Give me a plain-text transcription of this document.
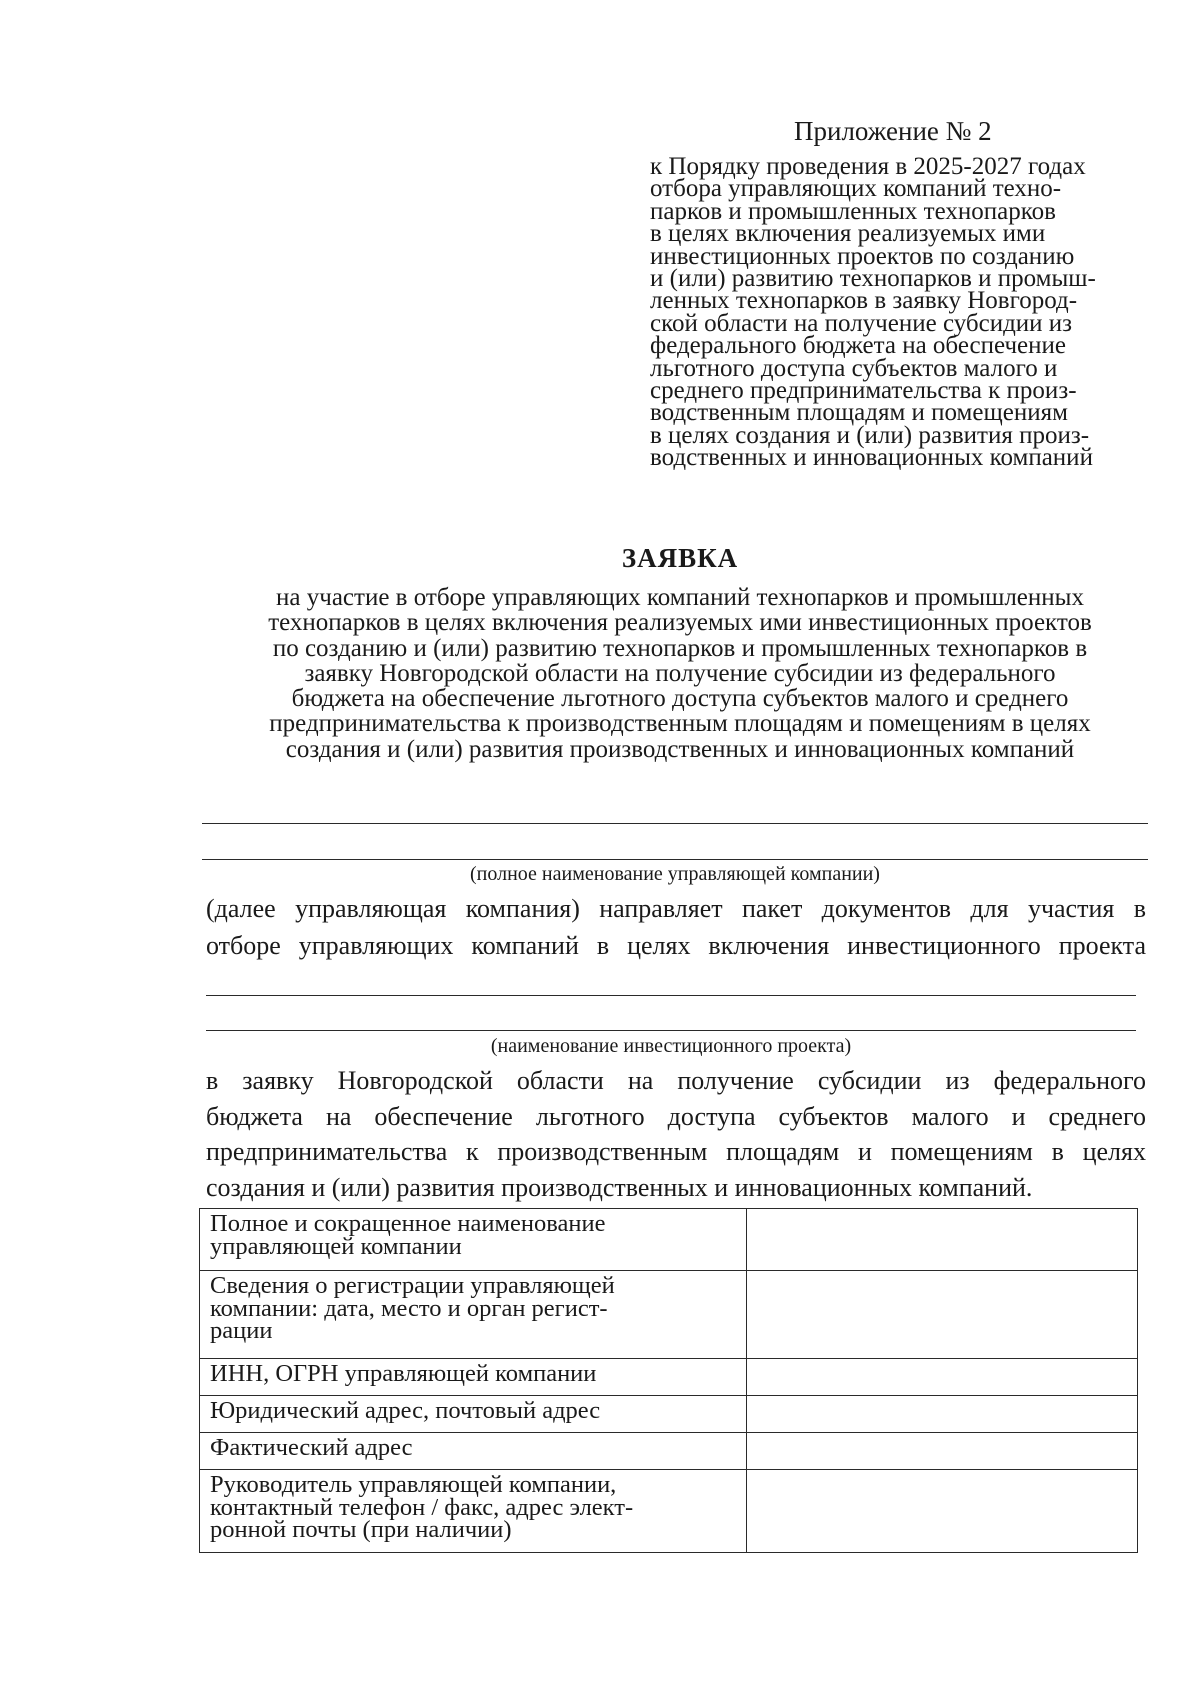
Приложение № 2
к Порядку проведения в 2025-2027 годах
отбора управляющих компаний техно-
парков и промышленных технопарков
в целях включения реализуемых ими
инвестиционных проектов по созданию
и (или) развитию технопарков и промыш-
ленных технопарков в заявку Новгород-
ской области на получение субсидии из
федерального бюджета на обеспечение
льготного доступа субъектов малого и
среднего предпринимательства к произ-
водственным площадям и помещениям
в целях создания и (или) развития произ-
водственных и инновационных компаний
ЗАЯВКА
на участие в отборе управляющих компаний технопарков и промышленных
технопарков в целях включения реализуемых ими инвестиционных проектов
по созданию и (или) развитию технопарков и промышленных технопарков в
заявку Новгородской области на получение субсидии из федерального
бюджета на обеспечение льготного доступа субъектов малого и среднего
предпринимательства к производственным площадям и помещениям в целях
создания и (или) развития производственных и инновационных компаний
(полное наименование управляющей компании)
(далее управляющая компания) направляет пакет документов для участия в
отборе управляющих компаний в целях включения инвестиционного проекта
(наименование инвестиционного проекта)
в заявку Новгородской области на получение субсидии из федерального
бюджета на обеспечение льготного доступа субъектов малого и среднего
предпринимательства к производственным площадям и помещениям в целях
создания и (или) развития производственных и инновационных компаний.
Полное и сокращенное наименование
управляющей компании	

Сведения о регистрации управляющей
компании: дата, место и орган регист-
рации	

ИНН, ОГРН управляющей компании	

Юридический адрес, почтовый адрес	

Фактический адрес	

Руководитель управляющей компании,
контактный телефон / факс, адрес элект-
ронной почты (при наличии)	
